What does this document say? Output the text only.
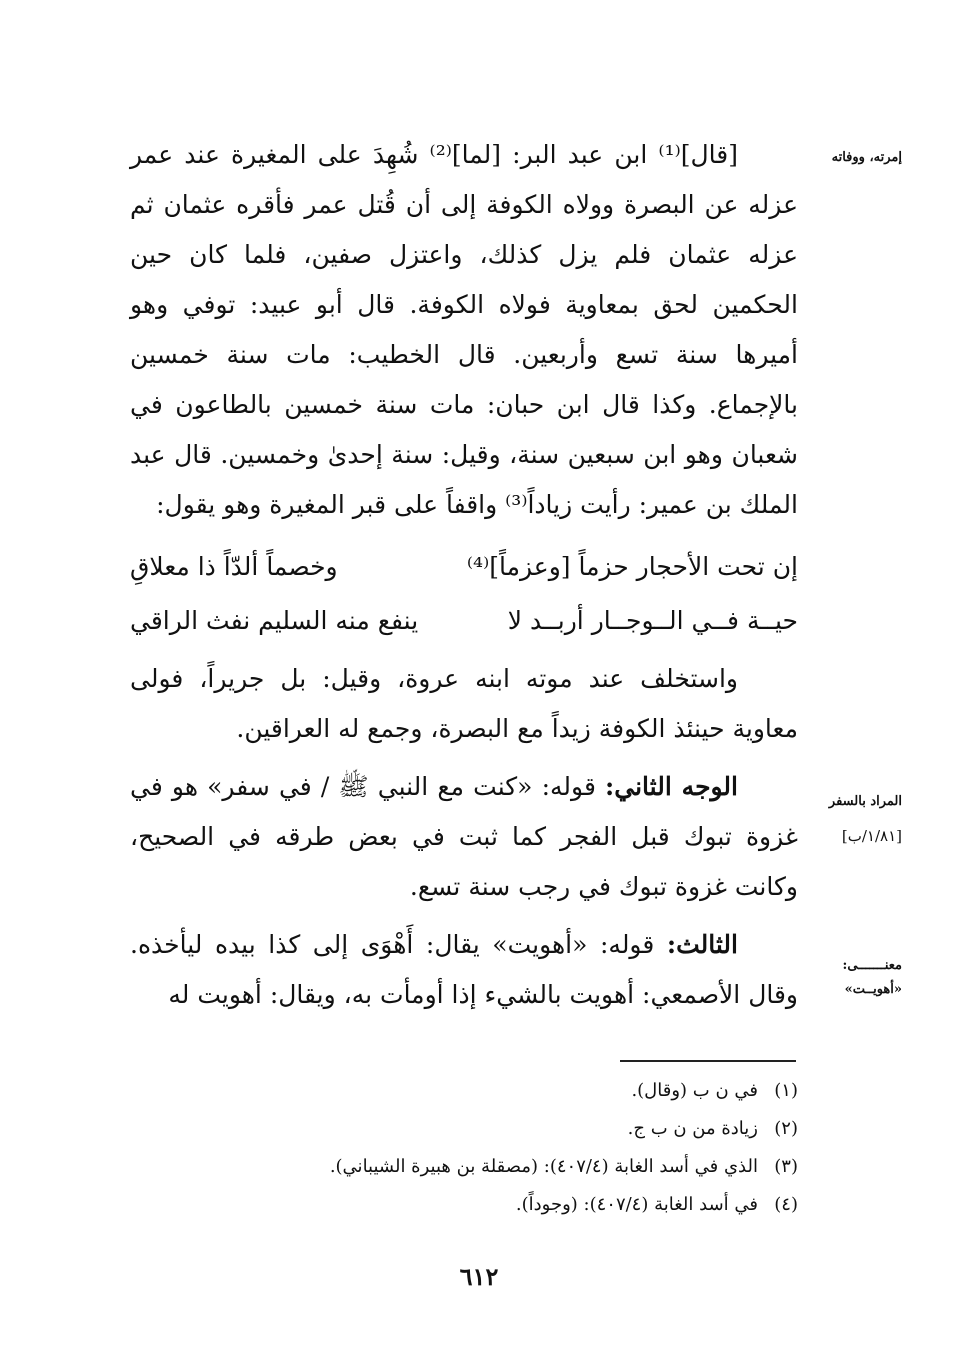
إمرته، ووفاته
المراد بالسفر
[١/٨١/ب]
معنـــــــى:
«أهويــت»

[قال]⁽¹⁾ ابن عبد البر: [لما]⁽²⁾ شُهِدَ على المغيرة عند عمر عزله عن البصرة وولاه الكوفة إلى أن قُتل عمر فأقره عثمان ثم عزله عثمان فلم يزل كذلك، واعتزل صفين، فلما كان حين الحكمين لحق بمعاوية فولاه الكوفة. قال أبو عبيد: توفي وهو أميرها سنة تسع وأربعين. قال الخطيب: مات سنة خمسين بالإجماع. وكذا قال ابن حبان: مات سنة خمسين بالطاعون في شعبان وهو ابن سبعين سنة، وقيل: سنة إحدىٰ وخمسين. قال عبد الملك بن عمير: رأيت زياداً⁽³⁾ واقفاً على قبر المغيرة وهو يقول:

إن تحت الأحجار حزماً [وعزماً]⁽⁴⁾
وخصماً ألدّاً ذا معلاقِ
حيــة فــي الــوجــار أربــد لا
ينفع منه السليم نفث الراقي

واستخلف عند موته ابنه عروة، وقيل: بل جريراً، فولى معاوية حينئذ الكوفة زيداً مع البصرة، وجمع له العراقين.

الوجه الثاني: قوله: «كنت مع النبي ﷺ / في سفر» هو في غزوة تبوك قبل الفجر كما ثبت في بعض طرقه في الصحيح، وكانت غزوة تبوك في رجب سنة تسع.

الثالث: قوله: «أهويت» يقال: أَهْوَى إلى كذا بيده ليأخذه. وقال الأصمعي: أهويت بالشيء إذا أومأت به، ويقال: أهويت له

(١)في ن ب (وقال).
(٢)زيادة من ن ب ج.
(٣)الذي في أسد الغابة (٤٠٧/٤): (مصقلة بن هبيرة الشيباني).
(٤)في أسد الغابة (٤٠٧/٤): (وجوداً).
٦١٢
